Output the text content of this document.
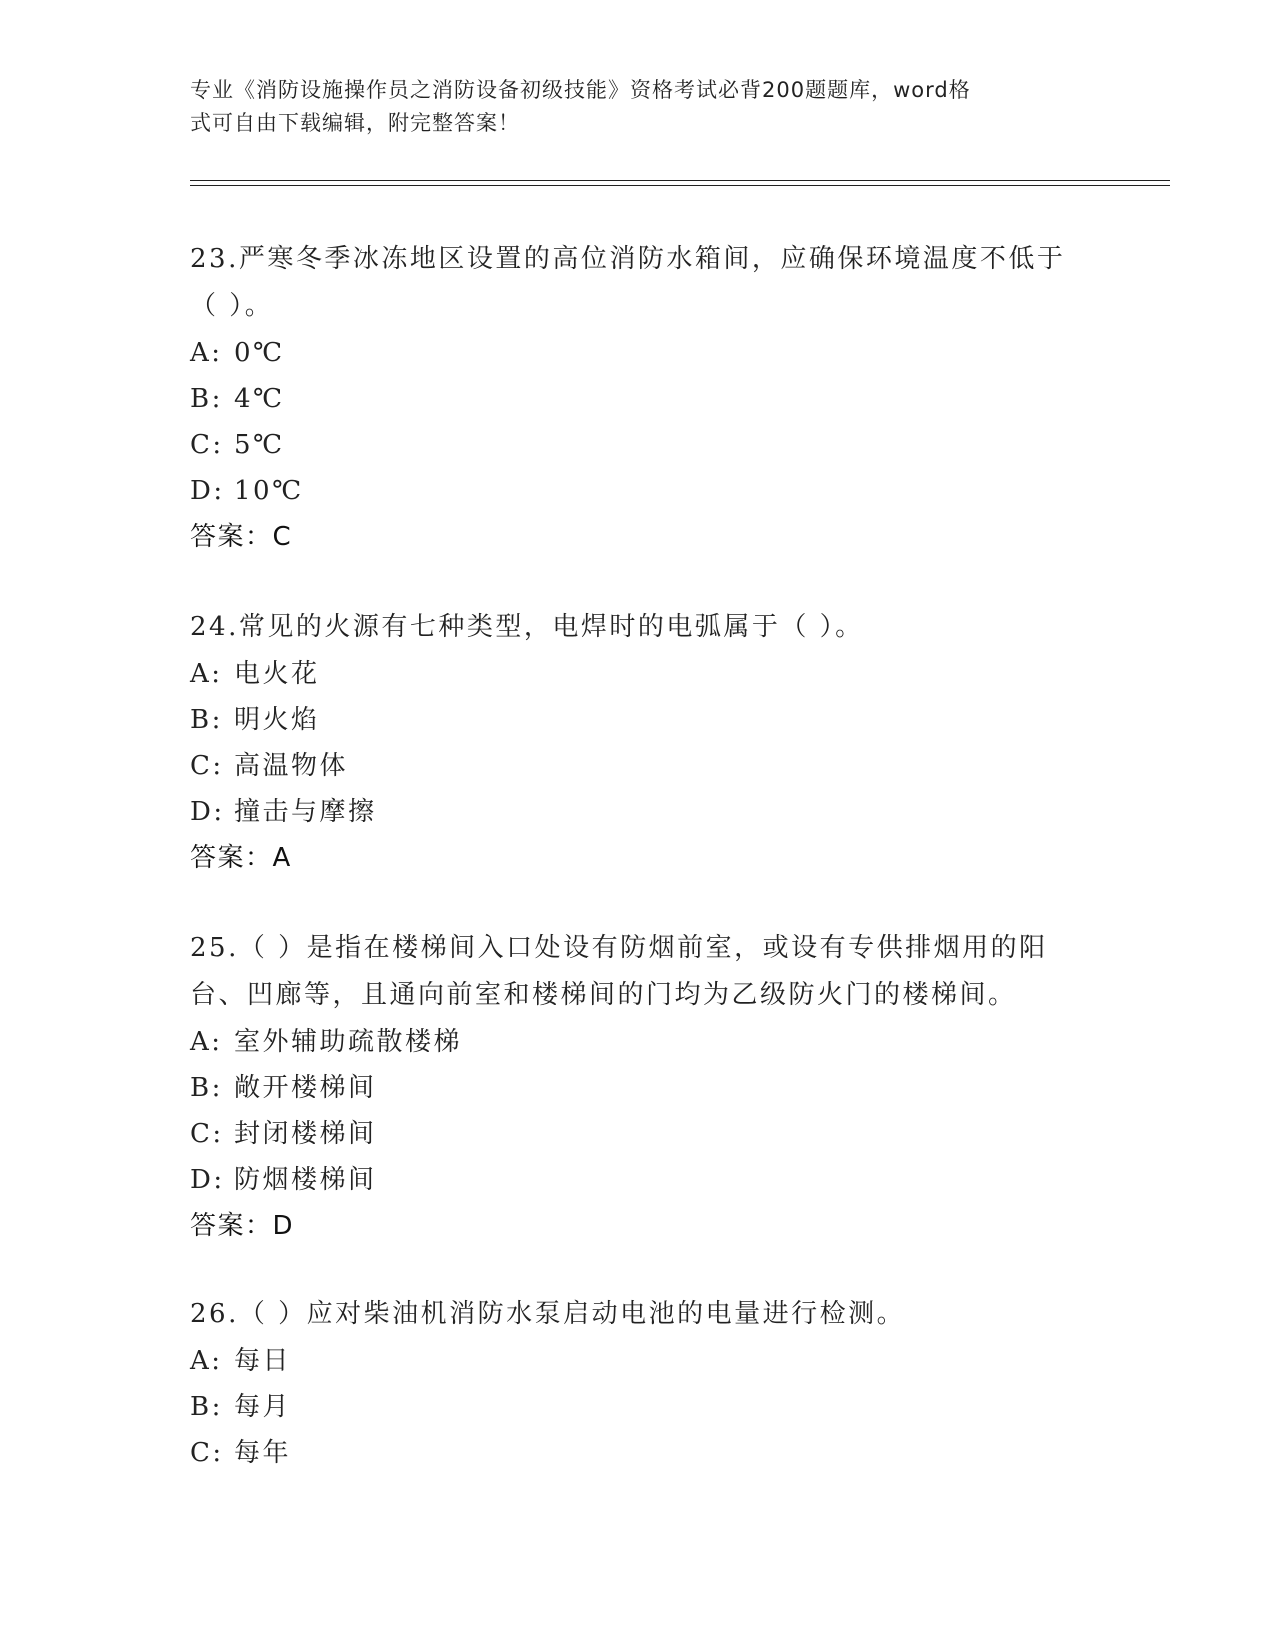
专业《消防设施操作员之消防设备初级技能》资格考试必背200题题库，word格
式可自由下载编辑，附完整答案！
23.严寒冬季冰冻地区设置的高位消防水箱间，应确保环境温度不低于
（ ）。
A: 0℃
B: 4℃
C: 5℃
D: 10℃
答案：C
24.常见的火源有七种类型，电焊时的电弧属于（ ）。
A: 电火花
B: 明火焰
C: 高温物体
D: 撞击与摩擦
答案：A
25.（ ）是指在楼梯间入口处设有防烟前室，或设有专供排烟用的阳
台、凹廊等，且通向前室和楼梯间的门均为乙级防火门的楼梯间。
A: 室外辅助疏散楼梯
B: 敞开楼梯间
C: 封闭楼梯间
D: 防烟楼梯间
答案：D
26.（ ）应对柴油机消防水泵启动电池的电量进行检测。
A: 每日
B: 每月
C: 每年
